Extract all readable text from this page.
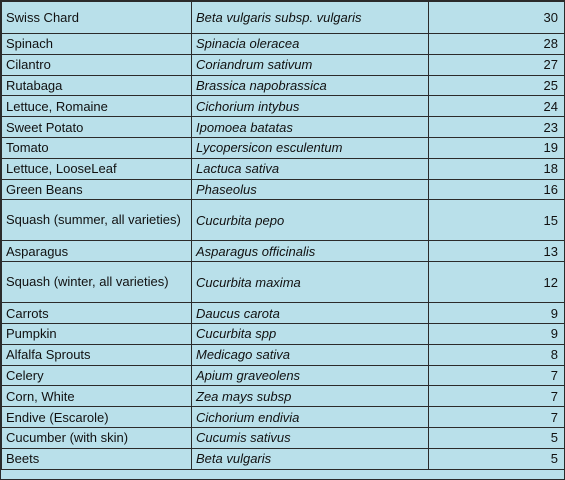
Swiss Chard	Beta vulgaris subsp. vulgaris	30
Spinach	Spinacia oleracea	28
Cilantro	Coriandrum sativum	27
Rutabaga	Brassica napobrassica	25
Lettuce, Romaine	Cichorium intybus	24
Sweet Potato	Ipomoea batatas	23
Tomato	Lycopersicon esculentum	19
Lettuce, LooseLeaf	Lactuca sativa	18
Green Beans	Phaseolus	16
Squash (summer, all varieties)	Cucurbita pepo	15
Asparagus	Asparagus officinalis	13
Squash (winter, all varieties)	Cucurbita maxima	12
Carrots	Daucus carota	9
Pumpkin	Cucurbita spp	9
Alfalfa Sprouts	Medicago sativa	8
Celery	Apium graveolens	7
Corn, White	Zea mays subsp	7
Endive (Escarole)	Cichorium endivia	7
Cucumber (with skin)	Cucumis sativus	5
Beets	Beta vulgaris	5
